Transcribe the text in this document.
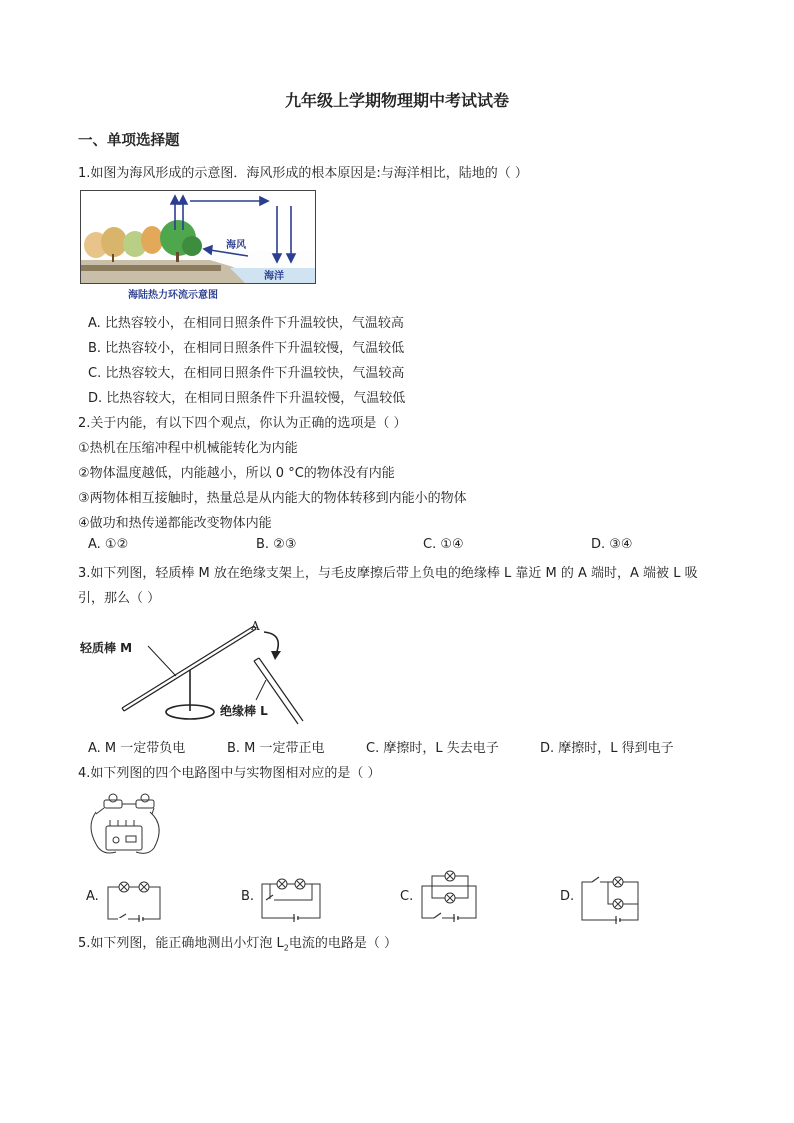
九年级上学期物理期中考试试卷
一、单项选择题
1.如图为海风形成的示意图．海风形成的根本原因是:与海洋相比，陆地的（ ）
海风
海洋
海陆热力环流示意图
A. 比热容较小，在相同日照条件下升温较快，气温较高
B. 比热容较小，在相同日照条件下升温较慢，气温较低
C. 比热容较大，在相同日照条件下升温较快，气温较高
D. 比热容较大，在相同日照条件下升温较慢，气温较低
2.关于内能，有以下四个观点，你认为正确的选项是（ ）
①热机在压缩冲程中机械能转化为内能
②物体温度越低，内能越小，所以 0 °C的物体没有内能
③两物体相互接触时，热量总是从内能大的物体转移到内能小的物体
④做功和热传递都能改变物体内能
A. ①②	B. ②③	C. ①④	D. ③④
3.如下列图，轻质棒 M 放在绝缘支架上，与毛皮摩擦后带上负电的绝缘棒 L 靠近 M 的 A 端时，A 端被 L 吸
引，那么（ ）
A
轻质棒 M
绝缘棒 L
A. M 一定带负电	B. M 一定带正电	C. 摩擦时，L 失去电子	D. 摩擦时，L 得到电子
4.如下列图的四个电路图中与实物图相对应的是（ ）
A.	B.	C.	D.
5.如下列图，能正确地测出小灯泡 $L_2$电流的电路是（ ）
